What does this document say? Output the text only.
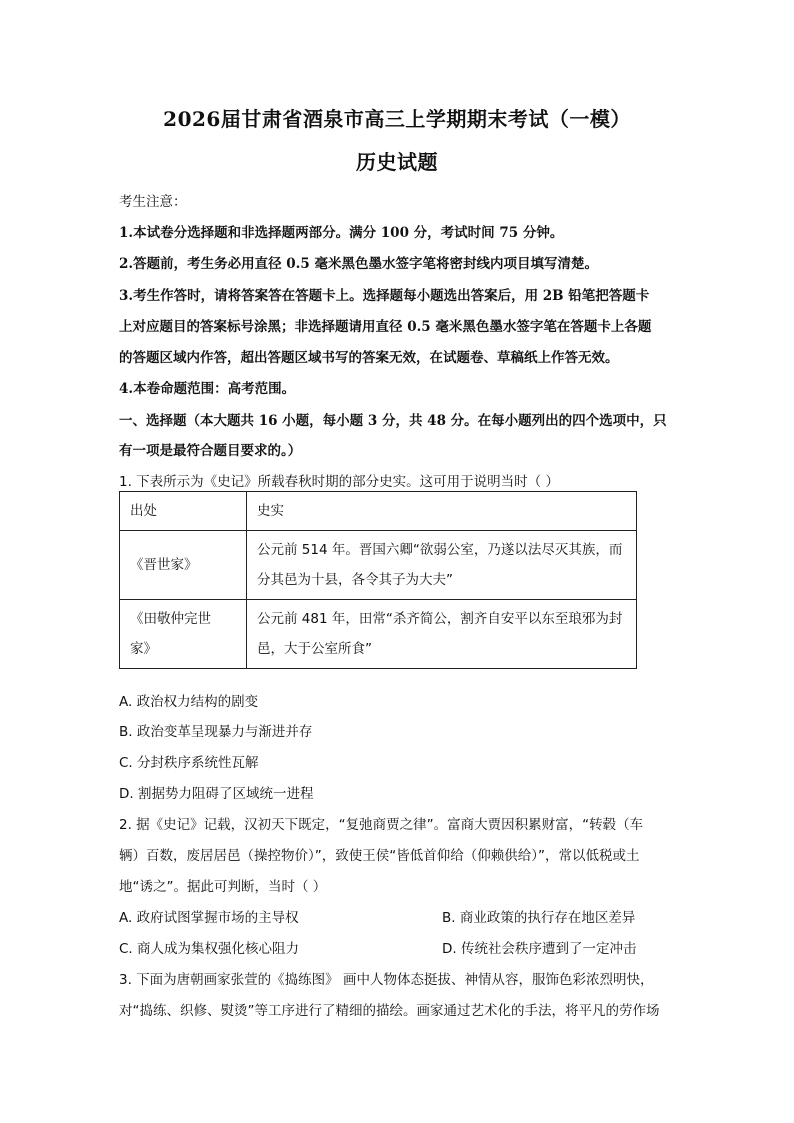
2026届甘肃省酒泉市高三上学期期末考试（一模）
历史试题
考生注意：
1.本试卷分选择题和非选择题两部分。满分 100 分，考试时间 75 分钟。
2.答题前，考生务必用直径 0.5 毫米黑色墨水签字笔将密封线内项目填写清楚。
3.考生作答时，请将答案答在答题卡上。选择题每小题选出答案后，用 2B 铅笔把答题卡
上对应题目的答案标号涂黑；非选择题请用直径 0.5 毫米黑色墨水签字笔在答题卡上各题
的答题区域内作答，超出答题区域书写的答案无效，在试题卷、草稿纸上作答无效。
4.本卷命题范围：高考范围。
一、选择题（本大题共 16 小题，每小题 3 分，共 48 分。在每小题列出的四个选项中，只
有一项是最符合题目要求的。）
1. 下表所示为《史记》所载春秋时期的部分史实。这可用于说明当时（ ）
出处	史实
《晋世家》	公元前 514 年。晋国六卿“欲弱公室，乃遂以法尽灭其族，而
分其邑为十县，各令其子为大夫”
《田敬仲完世
家》	公元前 481 年，田常“杀齐简公，割齐自安平以东至琅邪为封
邑，大于公室所食”
A. 政治权力结构的剧变
B. 政治变革呈现暴力与渐进并存
C. 分封秩序系统性瓦解
D. 割据势力阻碍了区域统一进程
2. 据《史记》记载，汉初天下既定，“复弛商贾之律”。富商大贾因积累财富，“转毂（车
辆）百数，废居居邑（操控物价）”，致使王侯“皆低首仰给（仰赖供给）”，常以低税或土
地“诱之”。据此可判断，当时（ ）
A. 政府试图掌握市场的主导权	B. 商业政策的执行存在地区差异
C. 商人成为集权强化核心阻力	D. 传统社会秩序遭到了一定冲击
3. 下面为唐朝画家张萱的《捣练图》 画中人物体态挺拔、神情从容，服饰色彩浓烈明快，
对“捣练、织修、熨烫”等工序进行了精细的描绘。画家通过艺术化的手法，将平凡的劳作场
